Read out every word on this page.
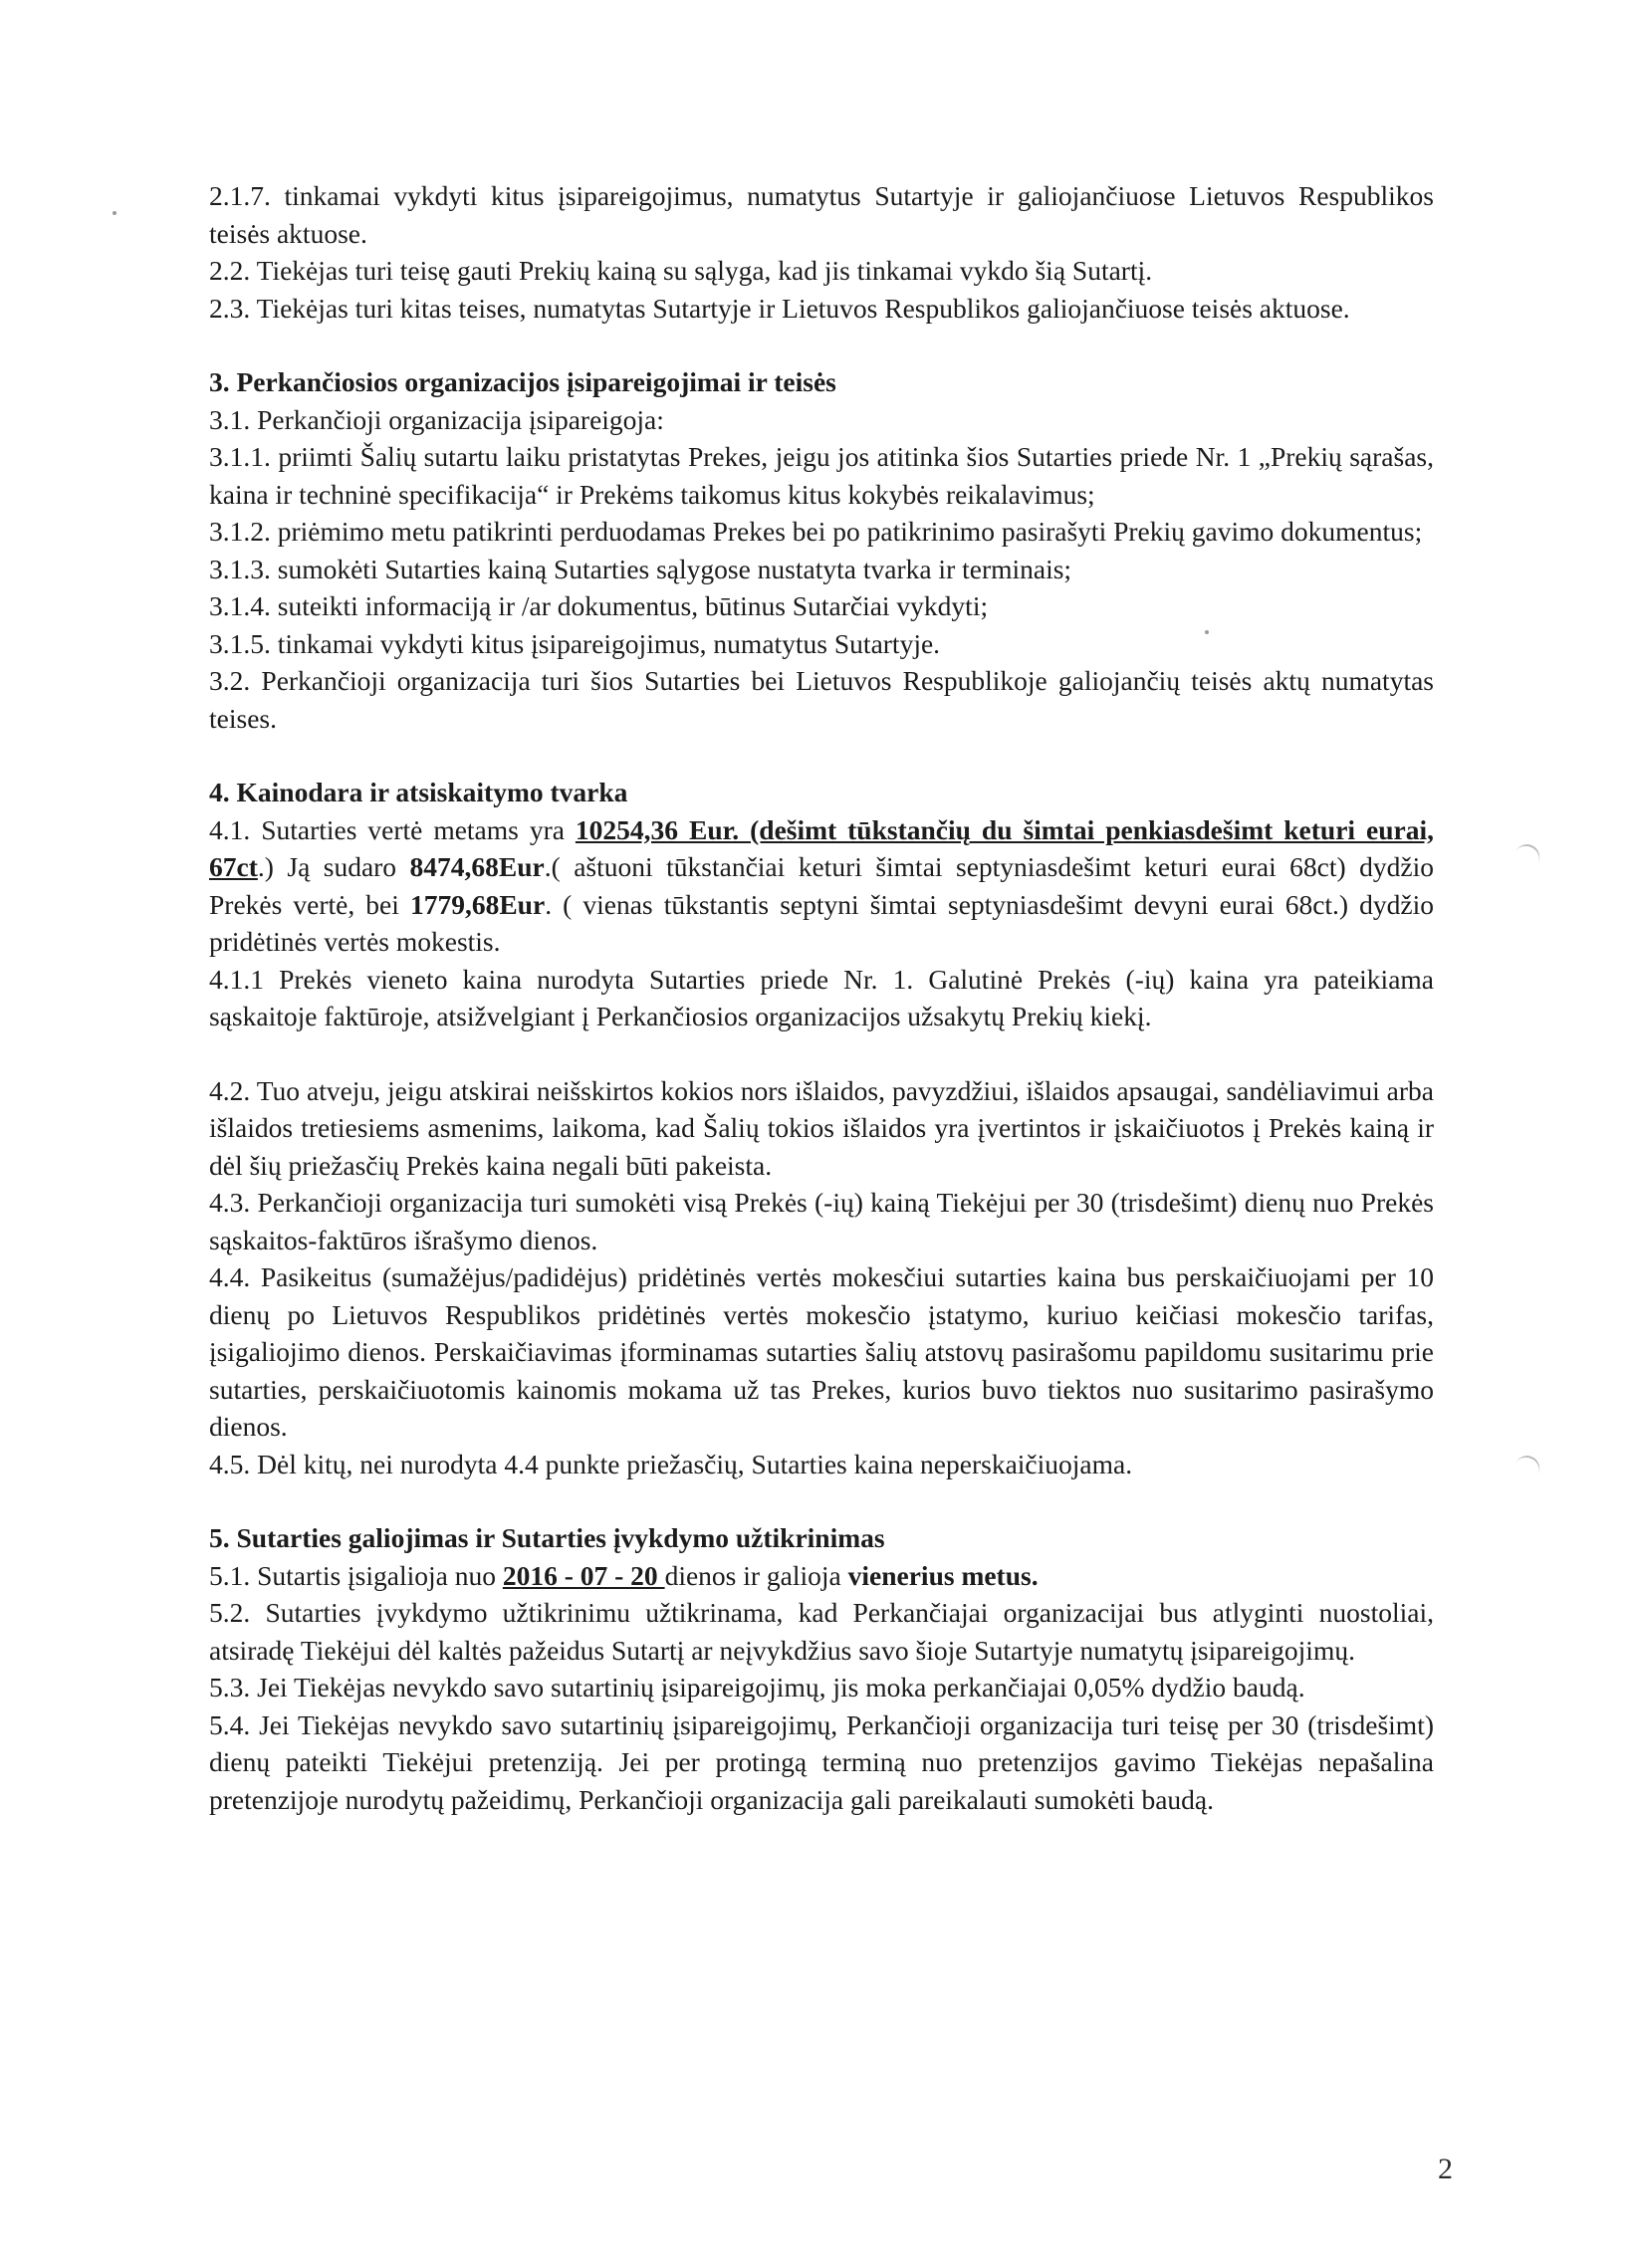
2.1.7. tinkamai vykdyti kitus įsipareigojimus, numatytus Sutartyje ir galiojančiuose Lietuvos Respublikos teisės aktuose.

2.2. Tiekėjas turi teisę gauti Prekių kainą su sąlyga, kad jis tinkamai vykdo šią Sutartį.

2.3. Tiekėjas turi kitas teises, numatytas Sutartyje ir Lietuvos Respublikos galiojančiuose teisės aktuose.

3. Perkančiosios organizacijos įsipareigojimai ir teisės

3.1. Perkančioji organizacija įsipareigoja:

3.1.1. priimti Šalių sutartu laiku pristatytas Prekes, jeigu jos atitinka šios Sutarties priede Nr. 1 „Prekių sąrašas, kaina ir techninė specifikacija“ ir Prekėms taikomus kitus kokybės reikalavimus;

3.1.2. priėmimo metu patikrinti perduodamas Prekes bei po patikrinimo pasirašyti Prekių gavimo dokumentus;

3.1.3. sumokėti Sutarties kainą Sutarties sąlygose nustatyta tvarka ir terminais;

3.1.4. suteikti informaciją ir /ar dokumentus, būtinus Sutarčiai vykdyti;

3.1.5. tinkamai vykdyti kitus įsipareigojimus, numatytus Sutartyje.

3.2. Perkančioji organizacija turi šios Sutarties bei Lietuvos Respublikoje galiojančių teisės aktų numatytas teises.

4. Kainodara ir atsiskaitymo tvarka

4.1. Sutarties vertė metams yra 10254,36 Eur. (dešimt tūkstančių du šimtai penkiasdešimt keturi eurai, 67ct.) Ją sudaro 8474,68Eur.( aštuoni tūkstančiai keturi šimtai septyniasdešimt keturi eurai 68ct) dydžio Prekės vertė, bei 1779,68Eur. ( vienas tūkstantis septyni šimtai septyniasdešimt devyni eurai 68ct.) dydžio pridėtinės vertės mokestis.

4.1.1 Prekės vieneto kaina nurodyta Sutarties priede Nr. 1. Galutinė Prekės (-ių) kaina yra pateikiama sąskaitoje faktūroje, atsižvelgiant į Perkančiosios organizacijos užsakytų Prekių kiekį.

4.2. Tuo atveju, jeigu atskirai neišskirtos kokios nors išlaidos, pavyzdžiui, išlaidos apsaugai, sandėliavimui arba išlaidos tretiesiems asmenims, laikoma, kad Šalių tokios išlaidos yra įvertintos ir įskaičiuotos į Prekės kainą ir dėl šių priežasčių Prekės kaina negali būti pakeista.

4.3. Perkančioji organizacija turi sumokėti visą Prekės (-ių) kainą Tiekėjui per 30 (trisdešimt) dienų nuo Prekės sąskaitos-faktūros išrašymo dienos.

4.4. Pasikeitus (sumažėjus/padidėjus) pridėtinės vertės mokesčiui sutarties kaina bus perskaičiuojami per 10 dienų po Lietuvos Respublikos pridėtinės vertės mokesčio įstatymo, kuriuo keičiasi mokesčio tarifas, įsigaliojimo dienos. Perskaičiavimas įforminamas sutarties šalių atstovų pasirašomu papildomu susitarimu prie sutarties, perskaičiuotomis kainomis mokama už tas Prekes, kurios buvo tiektos nuo susitarimo pasirašymo dienos.

4.5. Dėl kitų, nei nurodyta 4.4 punkte priežasčių, Sutarties kaina neperskaičiuojama.

5. Sutarties galiojimas ir Sutarties įvykdymo užtikrinimas

5.1. Sutartis įsigalioja nuo 2016 - 07 - 20 dienos ir galioja vienerius metus.

5.2. Sutarties įvykdymo užtikrinimu užtikrinama, kad Perkančiajai organizacijai bus atlyginti nuostoliai, atsiradę Tiekėjui dėl kaltės pažeidus Sutartį ar neįvykdžius savo šioje Sutartyje numatytų įsipareigojimų.

5.3. Jei Tiekėjas nevykdo savo sutartinių įsipareigojimų, jis moka perkančiajai 0,05% dydžio baudą.

5.4. Jei Tiekėjas nevykdo savo sutartinių įsipareigojimų, Perkančioji organizacija turi teisę per 30 (trisdešimt) dienų pateikti Tiekėjui pretenziją. Jei per protingą terminą nuo pretenzijos gavimo Tiekėjas nepašalina pretenzijoje nurodytų pažeidimų, Perkančioji organizacija gali pareikalauti sumokėti baudą.

2
